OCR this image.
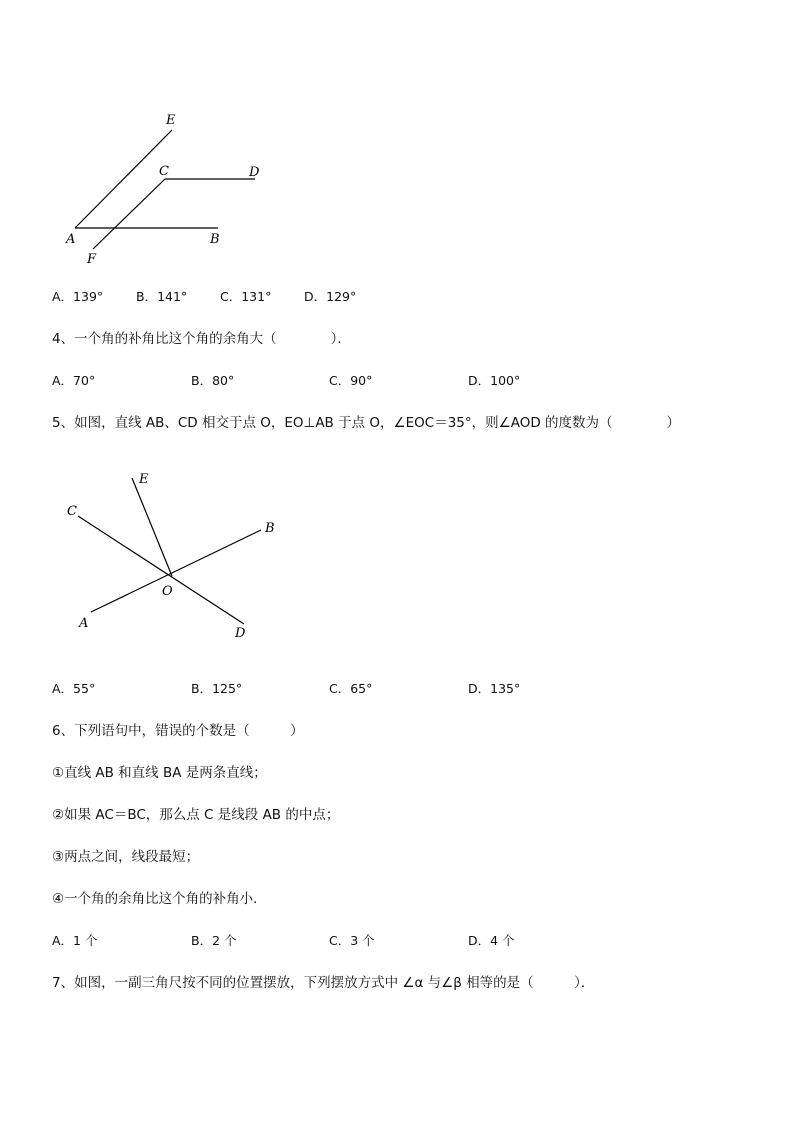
E
C	D
A	B
F
A．139°	B．141°	C．131°	D．129°
4、一个角的补角比这个角的余角大（　　　　）．
A．70°	B．80°	C．90°	D．100°
5、如图，直线 AB、CD 相交于点 O，EO⊥AB 于点 O，∠EOC＝35°，则∠AOD 的度数为（　　　　）
E
C
B
O
A
D
A．55°	B．125°	C．65°	D．135°
6、下列语句中，错误的个数是（　　　）
①直线 AB 和直线 BA 是两条直线；
②如果 AC＝BC，那么点 C 是线段 AB 的中点；
③两点之间，线段最短；
④一个角的余角比这个角的补角小．
A．1 个	B．2 个	C．3 个	D．4 个
7、如图，一副三角尺按不同的位置摆放，下列摆放方式中 ∠α 与∠β 相等的是（　　　）．
